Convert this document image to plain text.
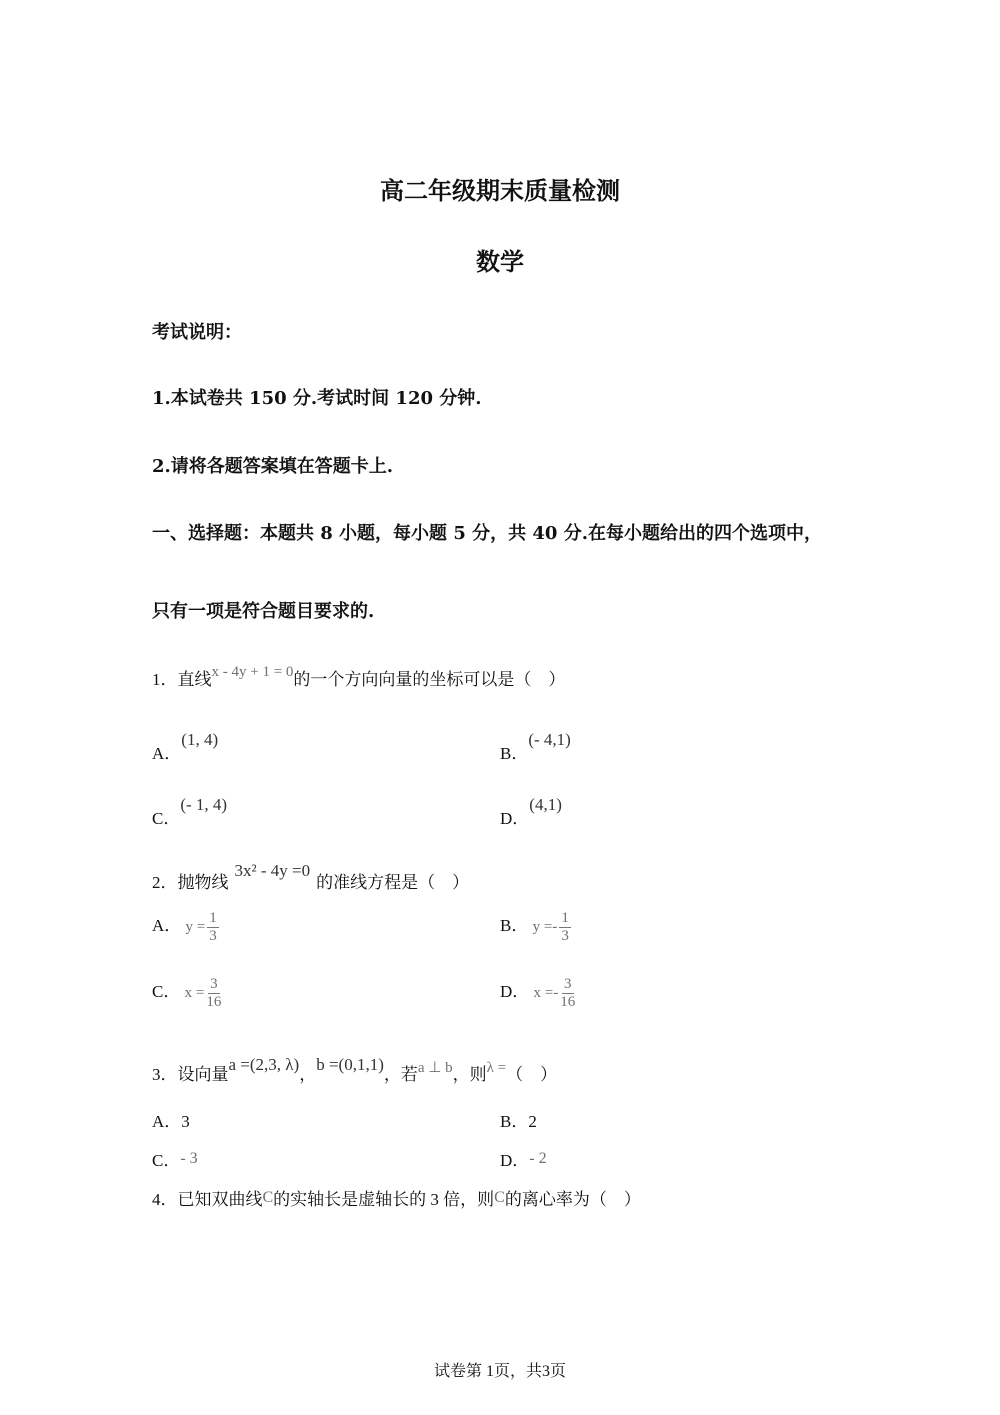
高二年级期末质量检测
数学
考试说明：
1.本试卷共 150 分.考试时间 120 分钟.
2.请将各题答案填在答题卡上.
一、选择题：本题共 8 小题，每小题 5 分，共 40 分.在每小题给出的四个选项中，
只有一项是符合题目要求的.
1．直线x - 4y + 1 = 0的一个方向向量的坐标可以是（　）
A．(1, 4)
B．(- 4,1)
C．(- 1, 4)
D．(4,1)
2．抛物线3x² - 4y =0的准线方程是（　）
A． $y = \frac{1}{3}$	B． $y =- \frac{1}{3}$
C． $x = \frac{3}{16}$	D． $x =- \frac{3}{16}$
3．设向量a =(2,3, λ)，b =(0,1,1)，若a ⊥ b，则λ =（　）
A．3	B．2
C．- 3	D．- 2
4．已知双曲线C的实轴长是虚轴长的 3 倍，则C的离心率为（　）
试卷第 1页，共3页
